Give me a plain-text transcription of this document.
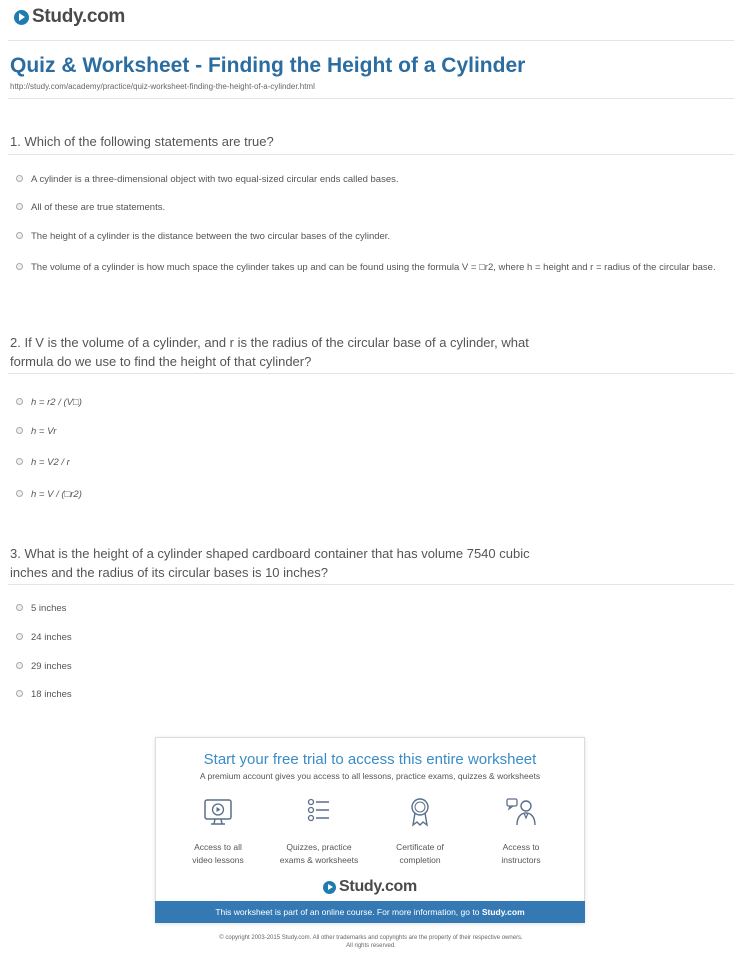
Study.com
Quiz & Worksheet - Finding the Height of a Cylinder
http://study.com/academy/practice/quiz-worksheet-finding-the-height-of-a-cylinder.html
1. Which of the following statements are true?
A cylinder is a three-dimensional object with two equal-sized circular ends called bases.
All of these are true statements.
The height of a cylinder is the distance between the two circular bases of the cylinder.
The volume of a cylinder is how much space the cylinder takes up and can be found using the formula V = □r2, where h = height and r = radius of the circular base.
2. If V is the volume of a cylinder, and r is the radius of the circular base of a cylinder, what formula do we use to find the height of that cylinder?
h = r2 / (V□)
h = Vr
h = V2 / r
h = V / (□r2)
3. What is the height of a cylinder shaped cardboard container that has volume 7540 cubic inches and the radius of its circular bases is 10 inches?
5 inches
24 inches
29 inches
18 inches
Start your free trial to access this entire worksheet
A premium account gives you access to all lessons, practice exams, quizzes & worksheets
Access to all
video lessons
Quizzes, practice
exams & worksheets
Certificate of
completion
Access to
instructors
Study.com
This worksheet is part of an online course. For more information, go to Study.com
© copyright 2003-2015 Study.com. All other trademarks and copyrights are the property of their respective owners.
All rights reserved.
